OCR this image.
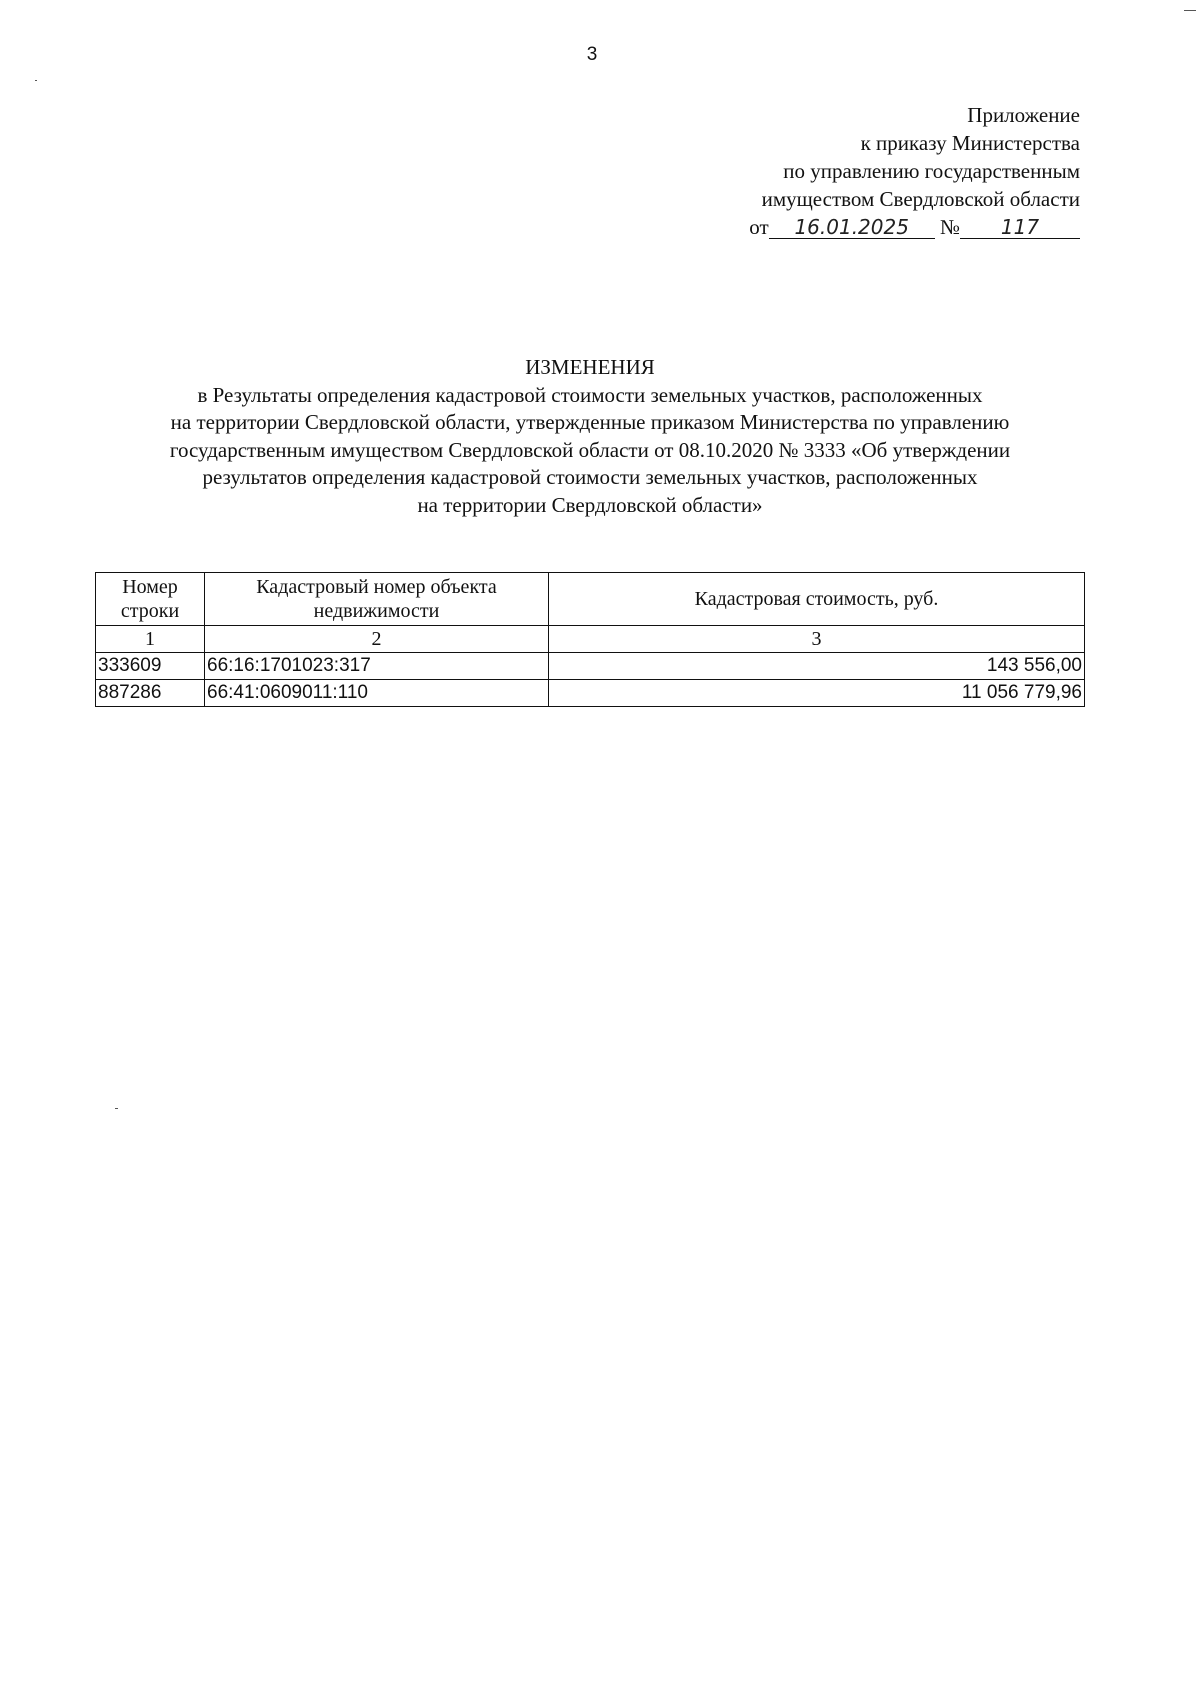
3
Приложение
к приказу Министерства
по управлению государственным
имуществом Свердловской области
от 16.01.2025 № 117
ИЗМЕНЕНИЯ
в Результаты определения кадастровой стоимости земельных участков, расположенных
на территории Свердловской области, утвержденные приказом Министерства по управлению
государственным имуществом Свердловской области от 08.10.2020 № 3333 «Об утверждении
результатов определения кадастровой стоимости земельных участков, расположенных
на территории Свердловской области»
Номер строки	Кадастровый номер объекта недвижимости	Кадастровая стоимость, руб.
1	2	3
333609	66:16:1701023:317	143 556,00
887286	66:41:0609011:110	11 056 779,96
